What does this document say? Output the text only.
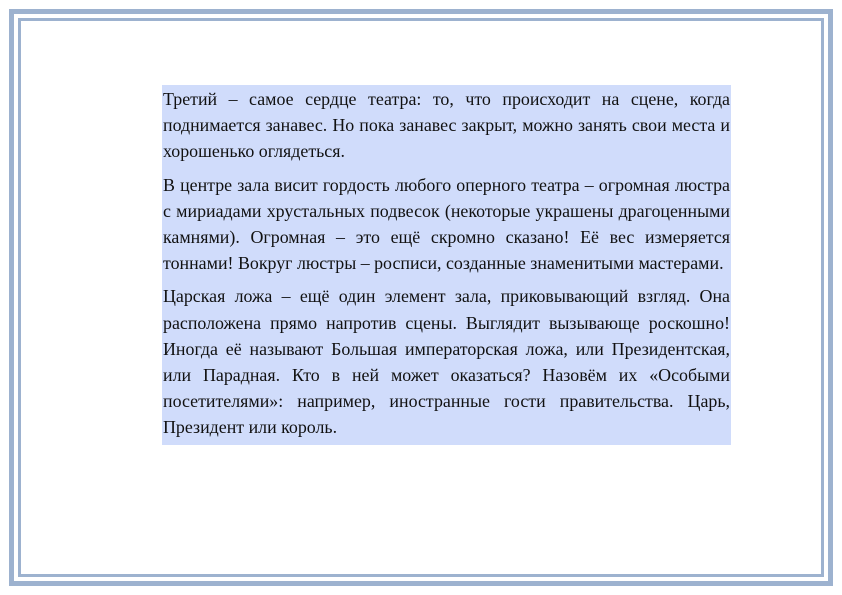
Третий – самое сердце театра: то, что происходит на сцене, когда поднимается занавес. Но пока занавес закрыт, можно занять свои места и хорошенько оглядеться.

В центре зала висит гордость любого оперного театра – огромная люстра с мириадами хрустальных подвесок (некоторые украшены драгоценными камнями). Огромная – это ещё скромно сказано! Её вес измеряется тоннами! Вокруг люстры – росписи, созданные знаменитыми мастерами.

Царская ложа – ещё один элемент зала, приковывающий взгляд. Она расположена прямо напротив сцены. Выглядит вызывающе роскошно! Иногда её называют Большая императорская ложа, или Президентская, или Парадная. Кто в ней может оказаться? Назовём их «Особыми посетителями»: например, иностранные гости правительства. Царь, Президент или король.
